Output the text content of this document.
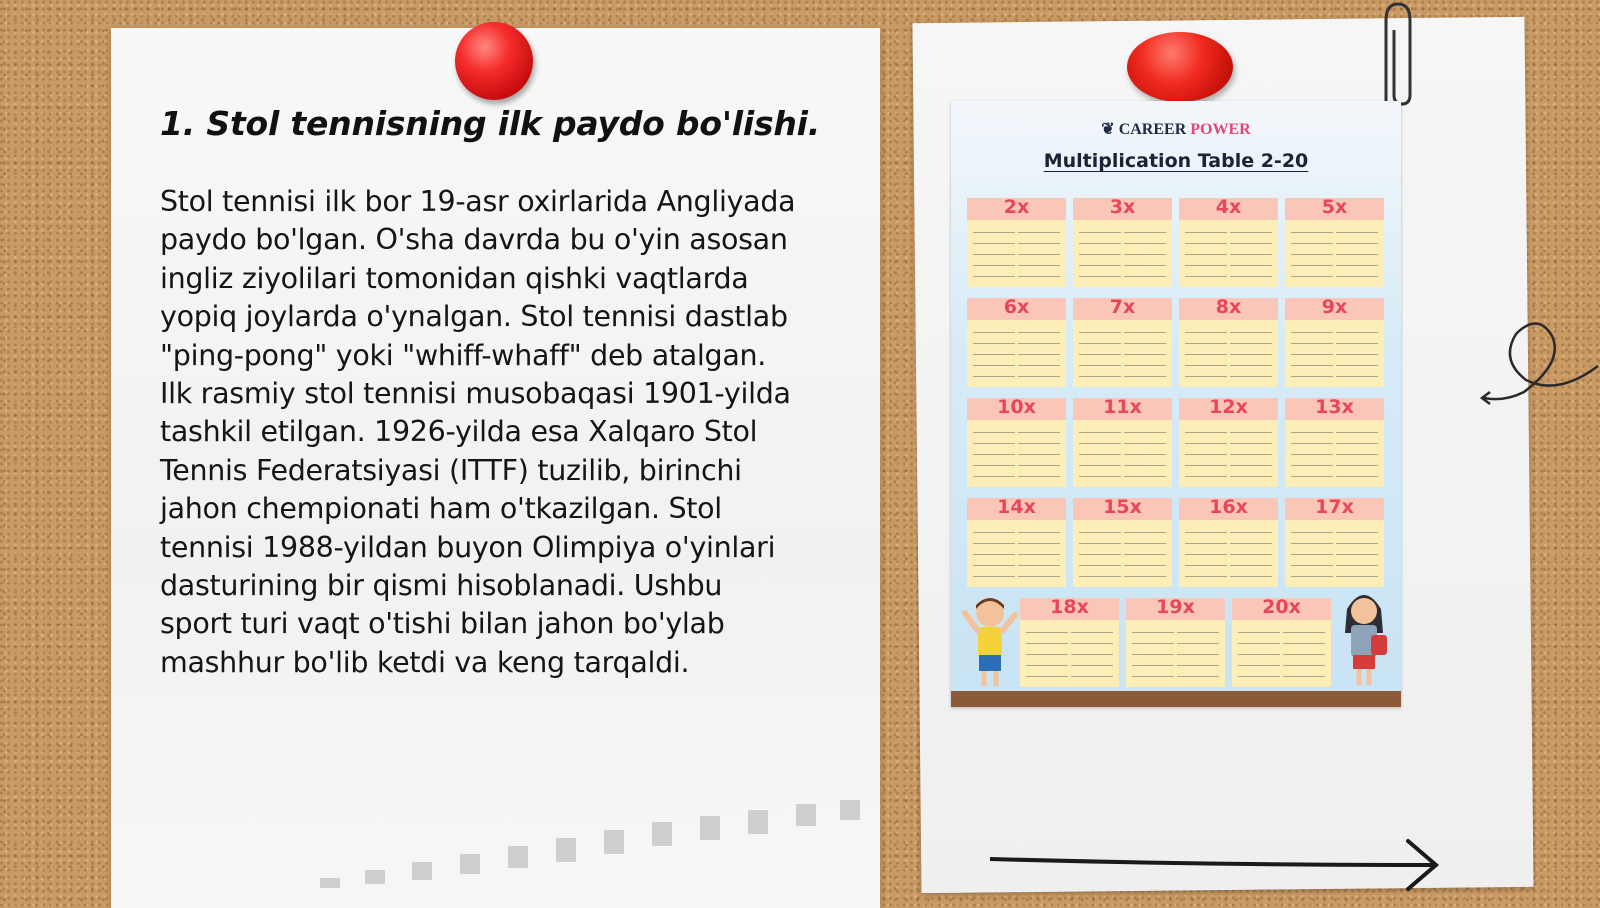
1. Stol tennisning ilk paydo bo'lishi.

Stol tennisi ilk bor 19-asr oxirlarida Angliyada
paydo bo'lgan. O'sha davrda bu o'yin asosan
ingliz ziyolilari tomonidan qishki vaqtlarda
yopiq joylarda o'ynalgan. Stol tennisi dastlab
"ping-pong" yoki "whiff-whaff" deb atalgan.
Ilk rasmiy stol tennisi musobaqasi 1901-yilda
tashkil etilgan. 1926-yilda esa Xalqaro Stol
Tennis Federatsiyasi (ITTF) tuzilib, birinchi
jahon chempionati ham o'tkazilgan. Stol
tennisi 1988-yildan buyon Olimpiya o'yinlari
dasturining bir qismi hisoblanadi. Ushbu
sport turi vaqt o'tishi bilan jahon bo'ylab
mashhur bo'lib ketdi va keng tarqaldi.

❦ CAREER POWER
Multiplication Table 2-20
2x	3x	4x	5x
6x	7x	8x	9x
10x	11x	12x	13x
14x	15x	16x	17x
18x	19x	20x
